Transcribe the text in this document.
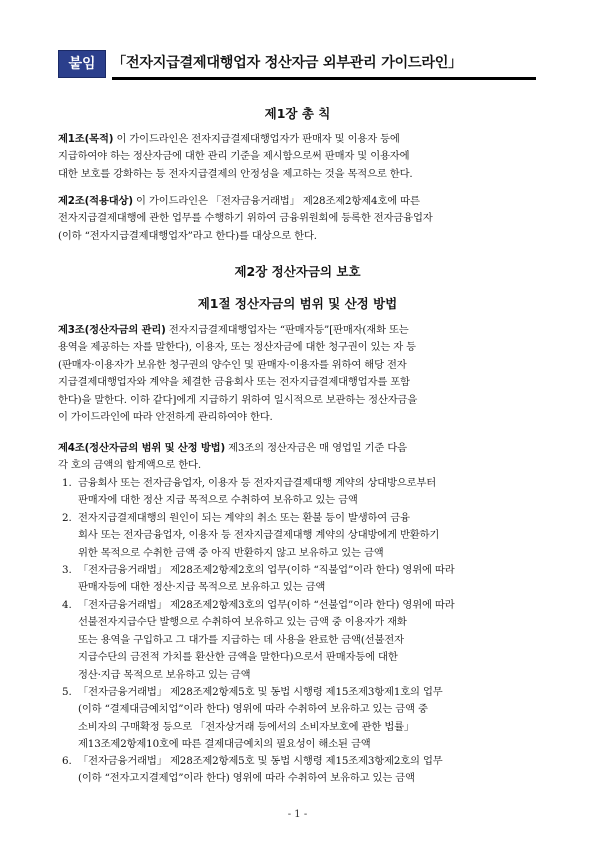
붙임	「전자지급결제대행업자 정산자금 외부관리 가이드라인」
제1장 총 칙
제1조(목적) 이 가이드라인은 전자지급결제대행업자가 판매자 및 이용자 등에
지급하여야 하는 정산자금에 대한 관리 기준을 제시함으로써 판매자 및 이용자에
대한 보호를 강화하는 등 전자지급결제의 안정성을 제고하는 것을 목적으로 한다.
제2조(적용대상) 이 가이드라인은 「전자금융거래법」 제28조제2항제4호에 따른
전자지급결제대행에 관한 업무를 수행하기 위하여 금융위원회에 등록한 전자금융업자
(이하 “전자지급결제대행업자”라고 한다)를 대상으로 한다.
제2장 정산자금의 보호
제1절 정산자금의 범위 및 산정 방법
제3조(정산자금의 관리) 전자지급결제대행업자는 “판매자등”[판매자(재화 또는
용역을 제공하는 자를 말한다), 이용자, 또는 정산자금에 대한 청구권이 있는 자 등
(판매자·이용자가 보유한 청구권의 양수인 및 판매자·이용자를 위하여 해당 전자
지급결제대행업자와 계약을 체결한 금융회사 또는 전자지급결제대행업자를 포함
한다)을 말한다. 이하 같다]에게 지급하기 위하여 일시적으로 보관하는 정산자금을
이 가이드라인에 따라 안전하게 관리하여야 한다.
제4조(정산자금의 범위 및 산정 방법) 제3조의 정산자금은 매 영업일 기준 다음
각 호의 금액의 합계액으로 한다.
1. 금융회사 또는 전자금융업자, 이용자 등 전자지급결제대행 계약의 상대방으로부터
판매자에 대한 정산 지급 목적으로 수취하여 보유하고 있는 금액
2. 전자지급결제대행의 원인이 되는 계약의 취소 또는 환불 등이 발생하여 금융
회사 또는 전자금융업자, 이용자 등 전자지급결제대행 계약의 상대방에게 반환하기
위한 목적으로 수취한 금액 중 아직 반환하지 않고 보유하고 있는 금액
3. 「전자금융거래법」 제28조제2항제2호의 업무(이하 “직불업”이라 한다) 영위에 따라
판매자등에 대한 정산·지급 목적으로 보유하고 있는 금액
4. 「전자금융거래법」 제28조제2항제3호의 업무(이하 “선불업”이라 한다) 영위에 따라
선불전자지급수단 발행으로 수취하여 보유하고 있는 금액 중 이용자가 재화
또는 용역을 구입하고 그 대가를 지급하는 데 사용을 완료한 금액(선불전자
지급수단의 금전적 가치를 환산한 금액을 말한다)으로서 판매자등에 대한
정산·지급 목적으로 보유하고 있는 금액
5. 「전자금융거래법」 제28조제2항제5호 및 동법 시행령 제15조제3항제1호의 업무
(이하 “결제대금예치업”이라 한다) 영위에 따라 수취하여 보유하고 있는 금액 중
소비자의 구매확정 등으로 「전자상거래 등에서의 소비자보호에 관한 법률」
제13조제2항제10호에 따른 결제대금예치의 필요성이 해소된 금액
6. 「전자금융거래법」 제28조제2항제5호 및 동법 시행령 제15조제3항제2호의 업무
(이하 “전자고지결제업”이라 한다) 영위에 따라 수취하여 보유하고 있는 금액
- 1 -
